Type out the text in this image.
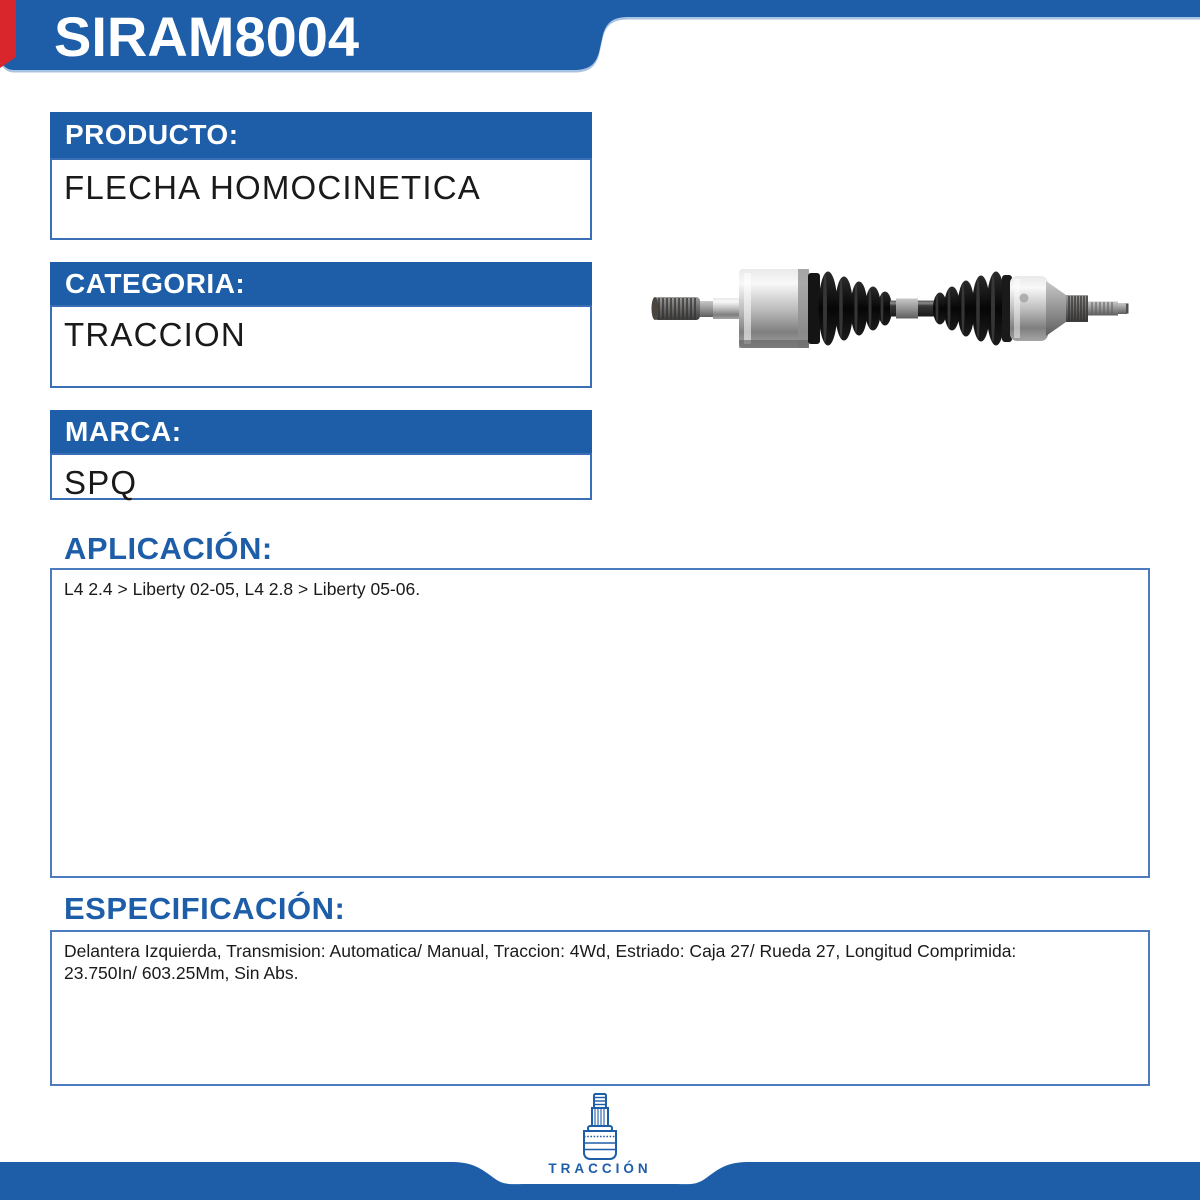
SIRAM8004
PRODUCTO:
FLECHA HOMOCINETICA
CATEGORIA:
TRACCION
MARCA:
SPQ
APLICACIÓN:
L4 2.4 > Liberty 02-05, L4 2.8 > Liberty 05-06.
ESPECIFICACIÓN:
Delantera Izquierda, Transmision: Automatica/ Manual, Traccion: 4Wd, Estriado: Caja 27/ Rueda 27, Longitud Comprimida: 23.750In/ 603.25Mm, Sin Abs.
TRACCIÓN
